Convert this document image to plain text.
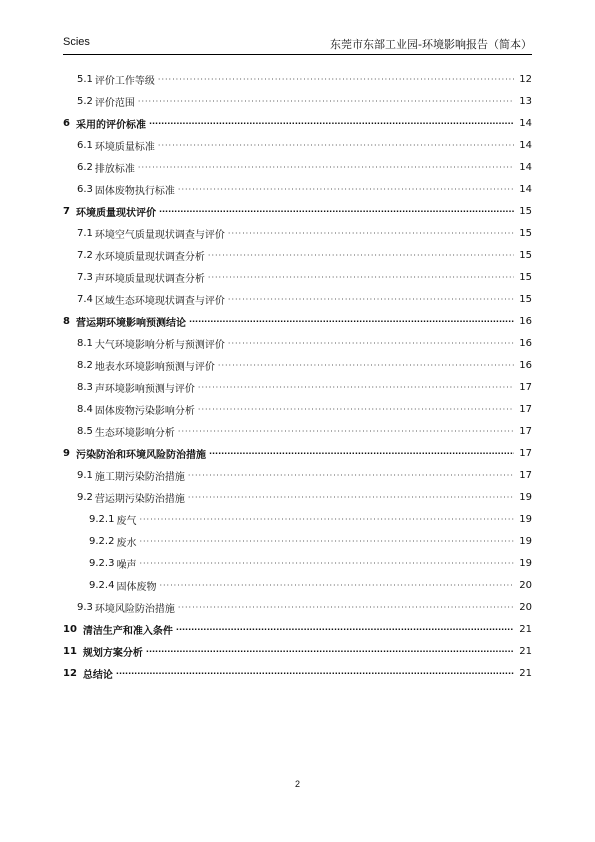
Scies	东莞市东部工业园-环境影响报告（简本）
5.1 评价工作等级 ·····	12
5.2 评价范围 ·····	13
6 采用的评价标准 ·····	14
6.1 环境质量标准 ·····	14
6.2 排放标准 ·····	14
6.3 固体废物执行标准 ·····	14
7 环境质量现状评价 ·····	15
7.1 环境空气质量现状调查与评价 ·····	15
7.2 水环境质量现状调查分析 ·····	15
7.3 声环境质量现状调查分析 ·····	15
7.4 区域生态环境现状调查与评价 ·····	15
8 营运期环境影响预测结论 ·····	16
8.1 大气环境影响分析与预测评价 ·····	16
8.2 地表水环境影响预测与评价 ·····	16
8.3 声环境影响预测与评价 ·····	17
8.4 固体废物污染影响分析 ·····	17
8.5 生态环境影响分析 ·····	17
9 污染防治和环境风险防治措施 ·····	17
9.1 施工期污染防治措施 ·····	17
9.2 营运期污染防治措施 ·····	19
9.2.1 废气 ·····	19
9.2.2 废水 ·····	19
9.2.3 噪声 ·····	19
9.2.4 固体废物 ·····	20
9.3 环境风险防治措施 ·····	20
10 清洁生产和准入条件 ·····	21
11 规划方案分析 ·····	21
12 总结论 ·····	21
2
